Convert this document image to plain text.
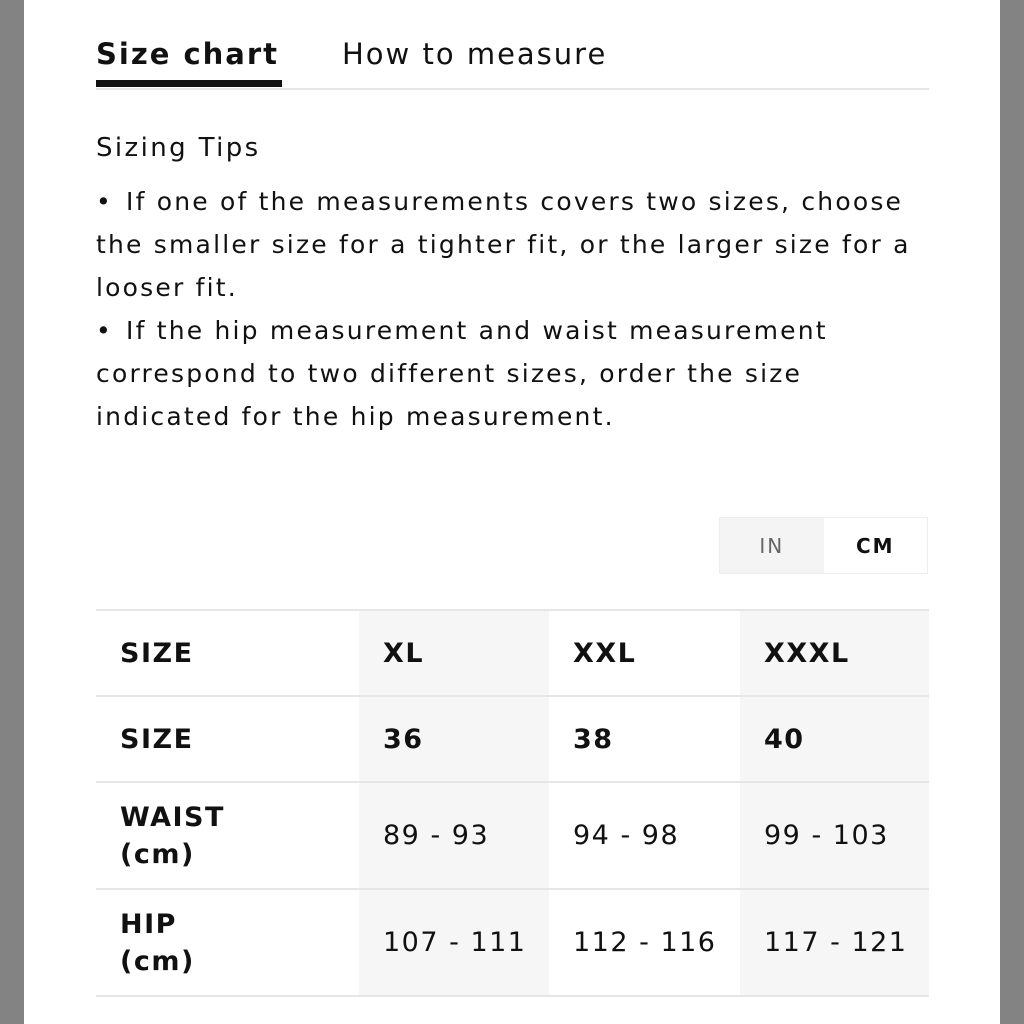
Size chart How to measure
Sizing Tips

• If one of the measurements covers two sizes, choose the smaller size for a tighter fit, or the larger size for a looser fit.

• If the hip measurement and waist measurement correspond to two different sizes, order the size indicated for the hip measurement.

IN	CM
SIZE	XL	XXL	XXXL
SIZE	36	38	40
WAIST
(cm)	89 - 93	94 - 98	99 - 103
HIP
(cm)	107 - 111	112 - 116	117 - 121
